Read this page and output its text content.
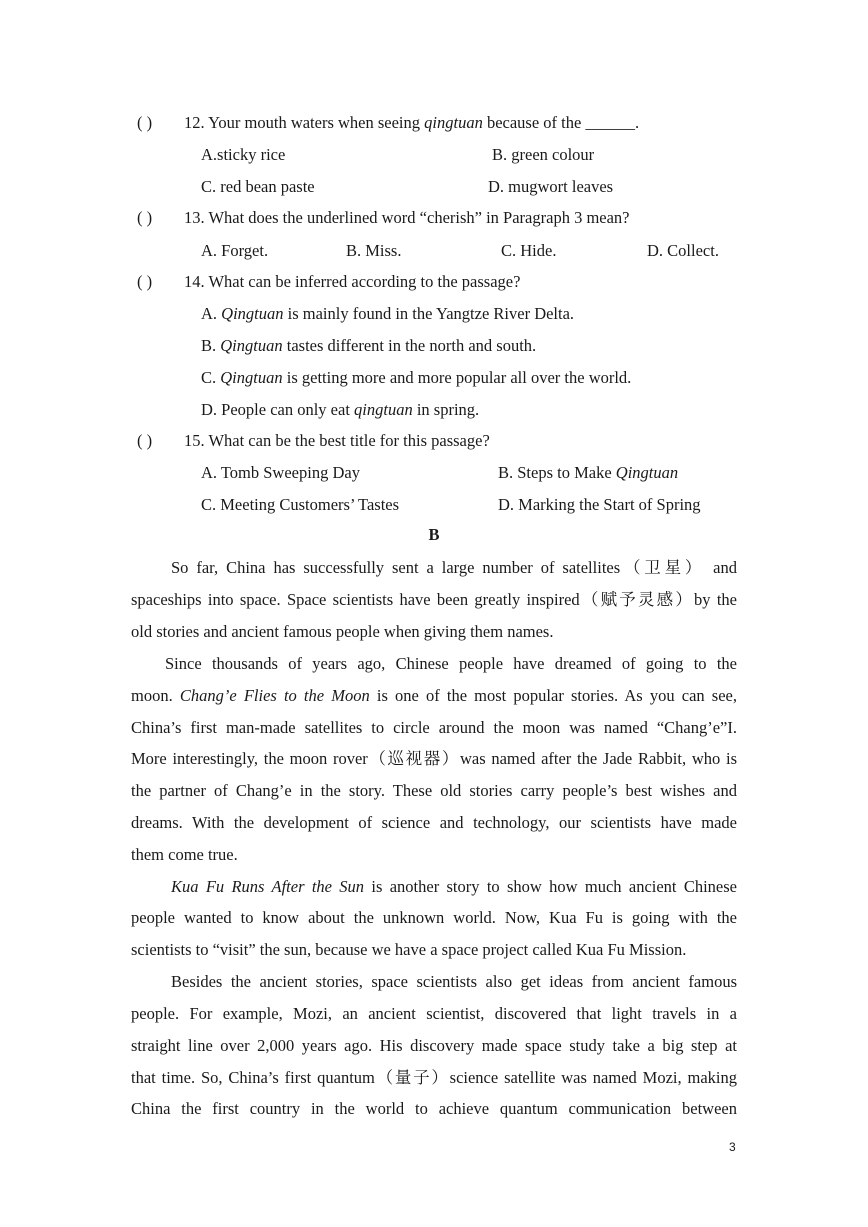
( ) 12. Your mouth waters when seeing qingtuan because of the ______.
A.sticky rice	B. green colour
C. red bean paste	D. mugwort leaves
( ) 13. What does the underlined word “cherish” in Paragraph 3 mean?
A. Forget.	B. Miss.	C. Hide.	D. Collect.
( ) 14. What can be inferred according to the passage?
A. Qingtuan is mainly found in the Yangtze River Delta.
B. Qingtuan tastes different in the north and south.
C. Qingtuan is getting more and more popular all over the world.
D. People can only eat qingtuan in spring.
( ) 15. What can be the best title for this passage?
A. Tomb Sweeping Day	B. Steps to Make Qingtuan
C. Meeting Customers’ Tastes	D. Marking the Start of Spring
B
So far, China has successfully sent a large number of satellites（卫星） and
spaceships into space. Space scientists have been greatly inspired（赋予灵感）by the
old stories and ancient famous people when giving them names.
Since thousands of years ago, Chinese people have dreamed of going to the
moon. Chang’e Flies to the Moon is one of the most popular stories. As you can see,
China’s first man-made satellites to circle around the moon was named “Chang’e”I.
More interestingly, the moon rover（巡视器）was named after the Jade Rabbit, who is
the partner of Chang’e in the story. These old stories carry people’s best wishes and
dreams. With the development of science and technology, our scientists have made
them come true.
Kua Fu Runs After the Sun is another story to show how much ancient Chinese
people wanted to know about the unknown world. Now, Kua Fu is going with the
scientists to “visit” the sun, because we have a space project called Kua Fu Mission.
Besides the ancient stories, space scientists also get ideas from ancient famous
people. For example, Mozi, an ancient scientist, discovered that light travels in a
straight line over 2,000 years ago. His discovery made space study take a big step at
that time. So, China’s first quantum（量子）science satellite was named Mozi, making
China the first country in the world to achieve quantum communication between
3
